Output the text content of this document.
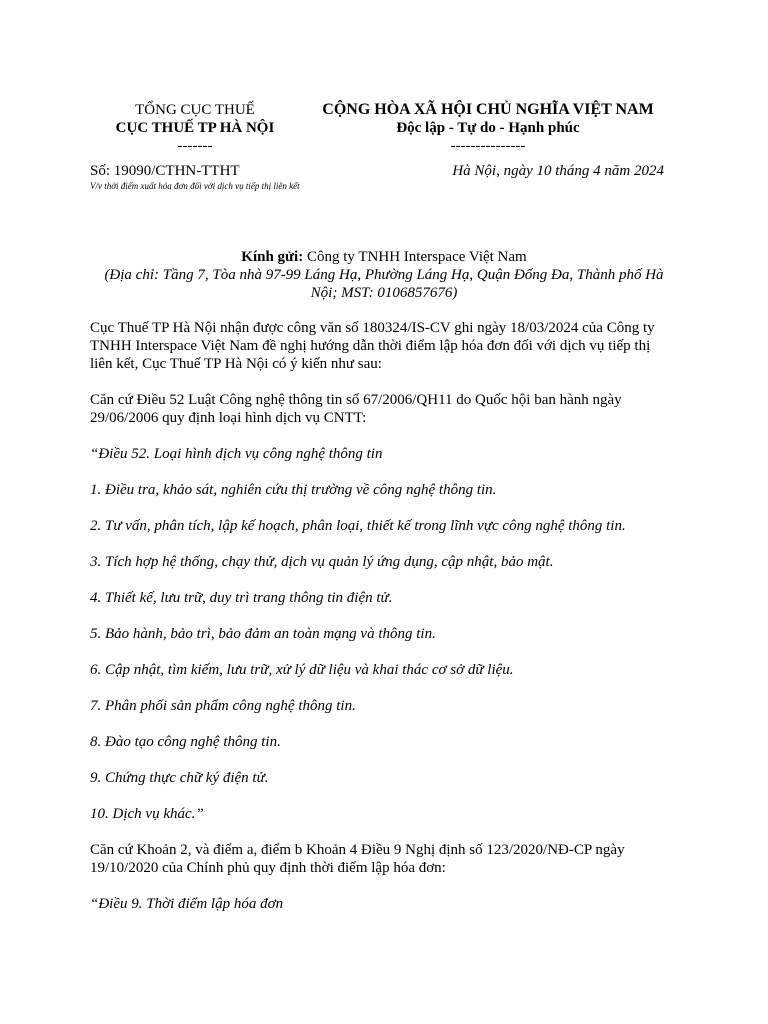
TỔNG CỤC THUẾ
CỤC THUẾ TP HÀ NỘI
-------
CỘNG HÒA XÃ HỘI CHỦ NGHĨA VIỆT NAM
Độc lập - Tự do - Hạnh phúc
---------------
Số: 19090/CTHN-TTHT
V/v thời điểm xuất hóa đơn đối với dịch vụ tiếp thị liên kết
Hà Nội, ngày 10 tháng 4 năm 2024
Kính gửi: Công ty TNHH Interspace Việt Nam
(Địa chỉ: Tầng 7, Tòa nhà 97-99 Láng Hạ, Phường Láng Hạ, Quận Đống Đa, Thành phố Hà Nội; MST: 0106857676)
Cục Thuế TP Hà Nội nhận được công văn số 180324/IS-CV ghi ngày 18/03/2024 của Công ty TNHH Interspace Việt Nam đề nghị hướng dẫn thời điểm lập hóa đơn đối với dịch vụ tiếp thị liên kết, Cục Thuế TP Hà Nội có ý kiến như sau:
Căn cứ Điều 52 Luật Công nghệ thông tin số 67/2006/QH11 do Quốc hội ban hành ngày 29/06/2006 quy định loại hình dịch vụ CNTT:
“Điều 52. Loại hình dịch vụ công nghệ thông tin
1. Điều tra, khảo sát, nghiên cứu thị trường về công nghệ thông tin.
2. Tư vấn, phân tích, lập kế hoạch, phân loại, thiết kế trong lĩnh vực công nghệ thông tin.
3. Tích hợp hệ thống, chạy thử, dịch vụ quản lý ứng dụng, cập nhật, bảo mật.
4. Thiết kế, lưu trữ, duy trì trang thông tin điện tử.
5. Bảo hành, bảo trì, bảo đảm an toàn mạng và thông tin.
6. Cập nhật, tìm kiếm, lưu trữ, xử lý dữ liệu và khai thác cơ sở dữ liệu.
7. Phân phối sản phẩm công nghệ thông tin.
8. Đào tạo công nghệ thông tin.
9. Chứng thực chữ ký điện tử.
10. Dịch vụ khác.”
Căn cứ Khoản 2, và điểm a, điểm b Khoản 4 Điều 9 Nghị định số 123/2020/NĐ-CP ngày 19/10/2020 của Chính phủ quy định thời điểm lập hóa đơn:
“Điều 9. Thời điểm lập hóa đơn
